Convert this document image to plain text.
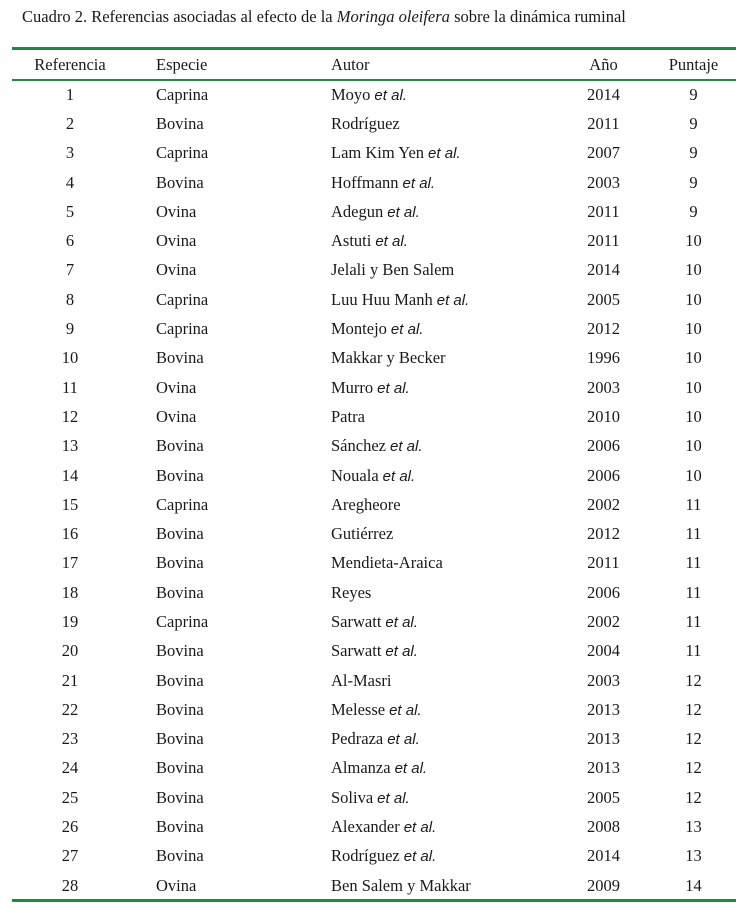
Cuadro 2. Referencias asociadas al efecto de la Moringa oleifera sobre la dinámica ruminal
Referencia	Especie	Autor	Año	Puntaje
1	Caprina	Moyo et al.	2014	9
2	Bovina	Rodríguez	2011	9
3	Caprina	Lam Kim Yen et al.	2007	9
4	Bovina	Hoffmann et al.	2003	9
5	Ovina	Adegun et al.	2011	9
6	Ovina	Astuti et al.	2011	10
7	Ovina	Jelali y Ben Salem	2014	10
8	Caprina	Luu Huu Manh et al.	2005	10
9	Caprina	Montejo et al.	2012	10
10	Bovina	Makkar y Becker	1996	10
11	Ovina	Murro et al.	2003	10
12	Ovina	Patra	2010	10
13	Bovina	Sánchez et al.	2006	10
14	Bovina	Nouala et al.	2006	10
15	Caprina	Aregheore	2002	11
16	Bovina	Gutiérrez	2012	11
17	Bovina	Mendieta-Araica	2011	11
18	Bovina	Reyes	2006	11
19	Caprina	Sarwatt et al.	2002	11
20	Bovina	Sarwatt et al.	2004	11
21	Bovina	Al-Masri	2003	12
22	Bovina	Melesse et al.	2013	12
23	Bovina	Pedraza et al.	2013	12
24	Bovina	Almanza et al.	2013	12
25	Bovina	Soliva et al.	2005	12
26	Bovina	Alexander et al.	2008	13
27	Bovina	Rodríguez et al.	2014	13
28	Ovina	Ben Salem y Makkar	2009	14
